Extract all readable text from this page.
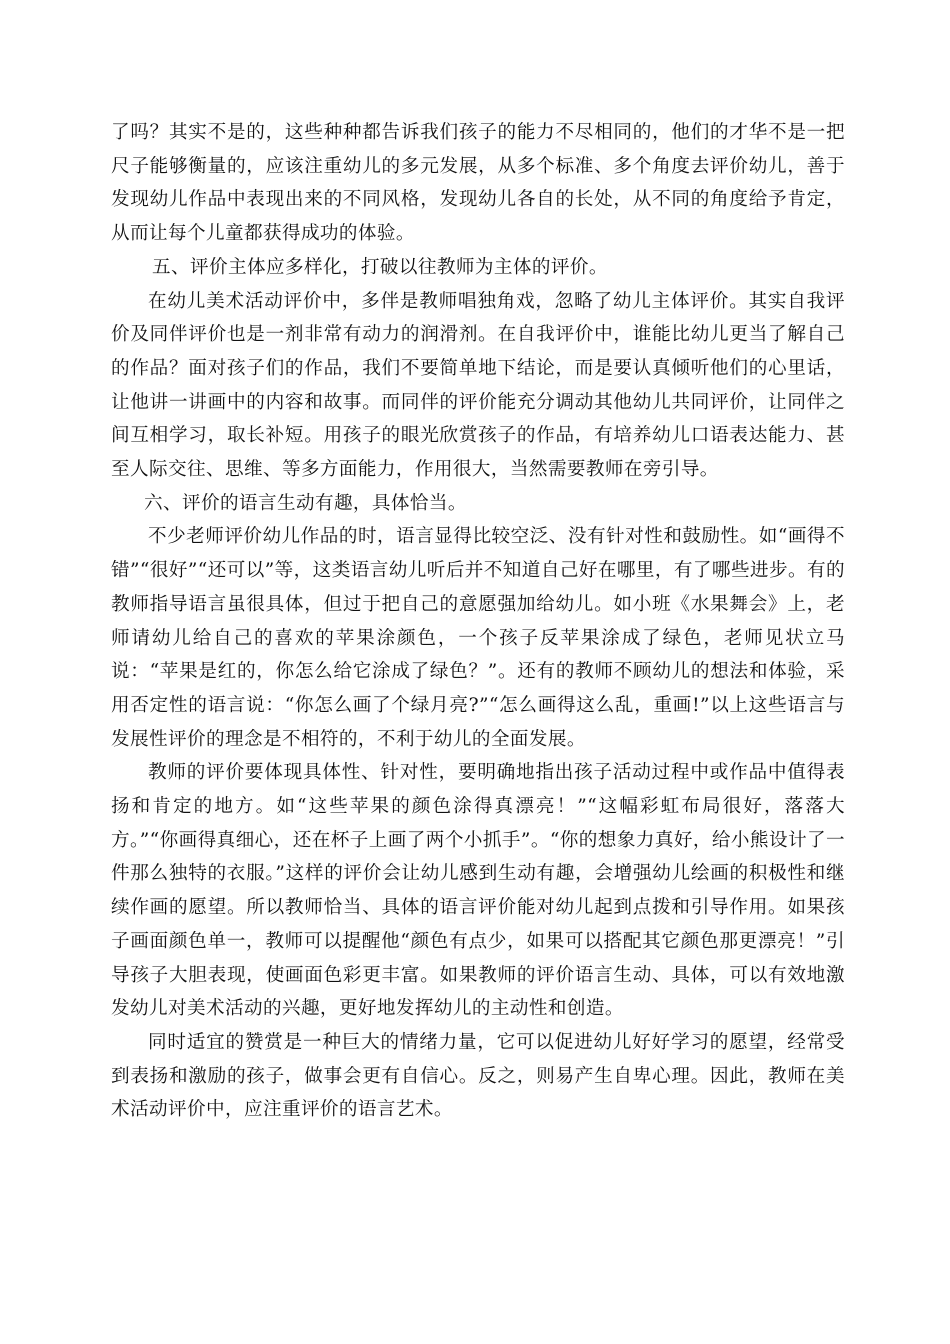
了吗？其实不是的，这些种种都告诉我们孩子的能力不尽相同的，他们的才华不是一把尺子能够衡量的，应该注重幼儿的多元发展，从多个标准、多个角度去评价幼儿，善于发现幼儿作品中表现出来的不同风格，发现幼儿各自的长处，从不同的角度给予肯定，从而让每个儿童都获得成功的体验。

五、评价主体应多样化，打破以往教师为主体的评价。

在幼儿美术活动评价中，多伴是教师唱独角戏，忽略了幼儿主体评价。其实自我评价及同伴评价也是一剂非常有动力的润滑剂。在自我评价中，谁能比幼儿更当了解自己的作品？面对孩子们的作品，我们不要简单地下结论，而是要认真倾听他们的心里话，让他讲一讲画中的内容和故事。而同伴的评价能充分调动其他幼儿共同评价，让同伴之间互相学习，取长补短。用孩子的眼光欣赏孩子的作品，有培养幼儿口语表达能力、甚至人际交往、思维、等多方面能力，作用很大，当然需要教师在旁引导。

六、评价的语言生动有趣，具体恰当。

不少老师评价幼儿作品的时，语言显得比较空泛、没有针对性和鼓励性。如“画得不错”“很好”“还可以”等，这类语言幼儿听后并不知道自己好在哪里，有了哪些进步。有的教师指导语言虽很具体，但过于把自己的意愿强加给幼儿。如小班《水果舞会》上，老师请幼儿给自己的喜欢的苹果涂颜色，一个孩子反苹果涂成了绿色，老师见状立马说：“苹果是红的，你怎么给它涂成了绿色？”。还有的教师不顾幼儿的想法和体验，采用否定性的语言说：“你怎么画了个绿月亮?”“怎么画得这么乱，重画!”以上这些语言与发展性评价的理念是不相符的，不利于幼儿的全面发展。

教师的评价要体现具体性、针对性，要明确地指出孩子活动过程中或作品中值得表扬和肯定的地方。如“这些苹果的颜色涂得真漂亮！”“这幅彩虹布局很好，落落大方。”“你画得真细心，还在杯子上画了两个小抓手”。“你的想象力真好，给小熊设计了一件那么独特的衣服。”这样的评价会让幼儿感到生动有趣，会增强幼儿绘画的积极性和继续作画的愿望。所以教师恰当、具体的语言评价能对幼儿起到点拨和引导作用。如果孩子画面颜色单一，教师可以提醒他“颜色有点少，如果可以搭配其它颜色那更漂亮！”引导孩子大胆表现，使画面色彩更丰富。如果教师的评价语言生动、具体，可以有效地激发幼儿对美术活动的兴趣，更好地发挥幼儿的主动性和创造。

同时适宜的赞赏是一种巨大的情绪力量，它可以促进幼儿好好学习的愿望，经常受到表扬和激励的孩子，做事会更有自信心。反之，则易产生自卑心理。因此，教师在美术活动评价中，应注重评价的语言艺术。
